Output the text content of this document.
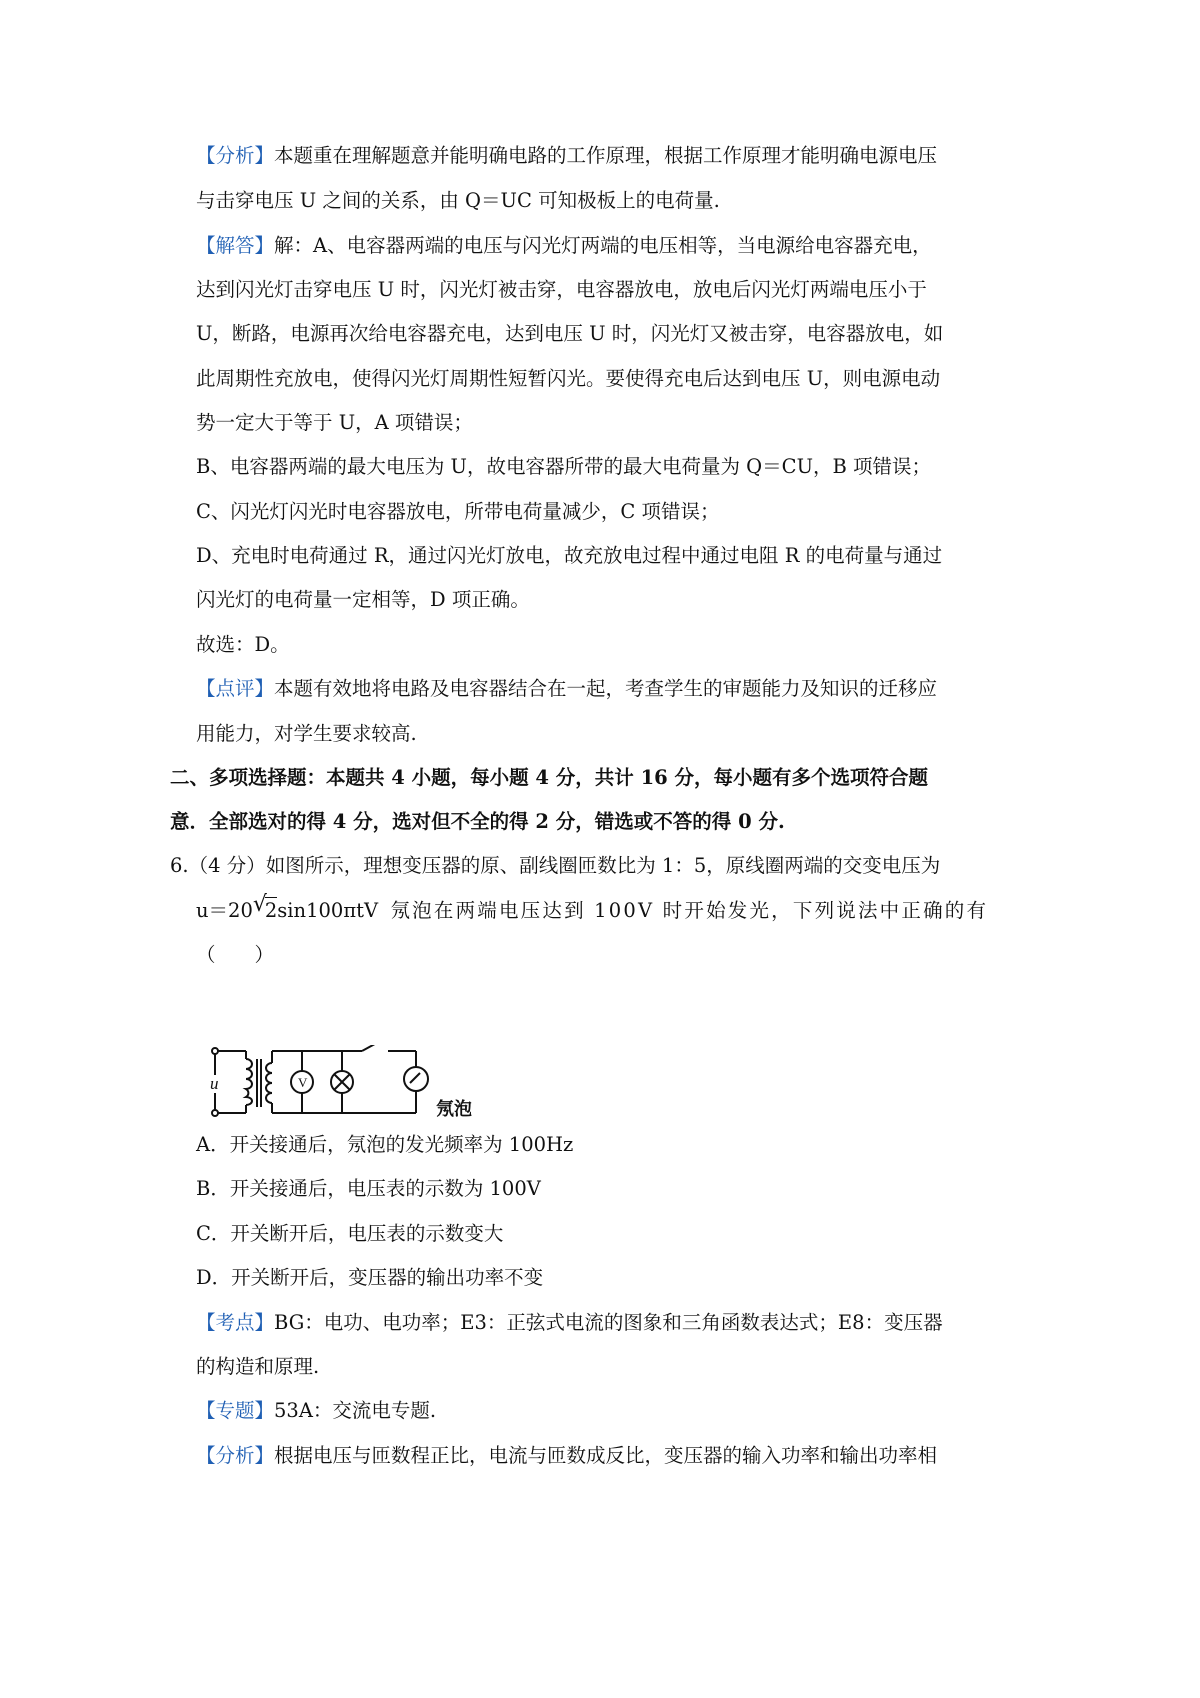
【分析】本题重在理解题意并能明确电路的工作原理，根据工作原理才能明确电源电压
与击穿电压 U 之间的关系，由 Q＝UC 可知极板上的电荷量.
【解答】解：A、电容器两端的电压与闪光灯两端的电压相等，当电源给电容器充电，
达到闪光灯击穿电压 U 时，闪光灯被击穿，电容器放电，放电后闪光灯两端电压小于
U，断路，电源再次给电容器充电，达到电压 U 时，闪光灯又被击穿，电容器放电，如
此周期性充放电，使得闪光灯周期性短暂闪光。要使得充电后达到电压 U，则电源电动
势一定大于等于 U，A 项错误；
B、电容器两端的最大电压为 U，故电容器所带的最大电荷量为 Q＝CU，B 项错误；
C、闪光灯闪光时电容器放电，所带电荷量减少，C 项错误；
D、充电时电荷通过 R，通过闪光灯放电，故充放电过程中通过电阻 R 的电荷量与通过
闪光灯的电荷量一定相等，D 项正确。
故选：D。
【点评】本题有效地将电路及电容器结合在一起，考查学生的审题能力及知识的迁移应
用能力，对学生要求较高.
二、多项选择题：本题共 4 小题，每小题 4 分，共计 16 分，每小题有多个选项符合题
意．全部选对的得 4 分，选对但不全的得 2 分，错选或不答的得 0 分.
6.（4 分）如图所示，理想变压器的原、副线圈匝数比为 1：5，原线圈两端的交变电压为
u＝20 √
2sin100πtV 氖泡在两端电压达到 100V 时开始发光，下列说法中正确的有
（　　）
V
u
氖泡
A．开关接通后，氖泡的发光频率为 100Hz
B．开关接通后，电压表的示数为 100V
C．开关断开后，电压表的示数变大
D．开关断开后，变压器的输出功率不变
【考点】BG：电功、电功率；E3：正弦式电流的图象和三角函数表达式；E8：变压器
的构造和原理.
【专题】53A：交流电专题.
【分析】根据电压与匝数程正比，电流与匝数成反比，变压器的输入功率和输出功率相
